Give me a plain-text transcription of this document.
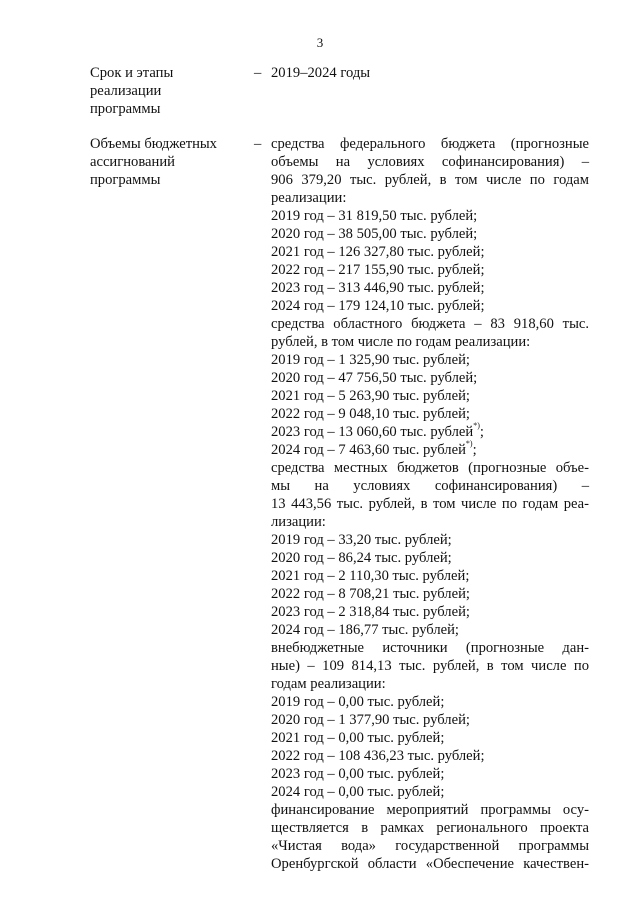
3
Срок и этапы
реализации
программы
– 2019–2024 годы
Объемы бюджетных
ассигнований
программы
– средства федерального бюджета (прогнозные
объемы на условиях софинансирования) –
906 379,20 тыс. рублей, в том числе по годам
реализации:
2019 год – 31 819,50 тыс. рублей;
2020 год – 38 505,00 тыс. рублей;
2021 год – 126 327,80 тыс. рублей;
2022 год – 217 155,90 тыс. рублей;
2023 год – 313 446,90 тыс. рублей;
2024 год – 179 124,10 тыс. рублей;
средства областного бюджета – 83 918,60 тыс.
рублей, в том числе по годам реализации:
2019 год – 1 325,90 тыс. рублей;
2020 год – 47 756,50 тыс. рублей;
2021 год – 5 263,90 тыс. рублей;
2022 год – 9 048,10 тыс. рублей;
2023 год – 13 060,60 тыс. рублей*);
2024 год – 7 463,60 тыс. рублей*);
средства местных бюджетов (прогнозные объе-
мы на условиях софинансирования) –
13 443,56 тыс. рублей, в том числе по годам реа-
лизации:
2019 год – 33,20 тыс. рублей;
2020 год – 86,24 тыс. рублей;
2021 год – 2 110,30 тыс. рублей;
2022 год – 8 708,21 тыс. рублей;
2023 год – 2 318,84 тыс. рублей;
2024 год – 186,77 тыс. рублей;
внебюджетные источники (прогнозные дан-
ные) – 109 814,13 тыс. рублей, в том числе по
годам реализации:
2019 год – 0,00 тыс. рублей;
2020 год – 1 377,90 тыс. рублей;
2021 год – 0,00 тыс. рублей;
2022 год – 108 436,23 тыс. рублей;
2023 год – 0,00 тыс. рублей;
2024 год – 0,00 тыс. рублей;
финансирование мероприятий программы осу-
ществляется в рамках регионального проекта
«Чистая вода» государственной программы
Оренбургской области «Обеспечение качествен-
